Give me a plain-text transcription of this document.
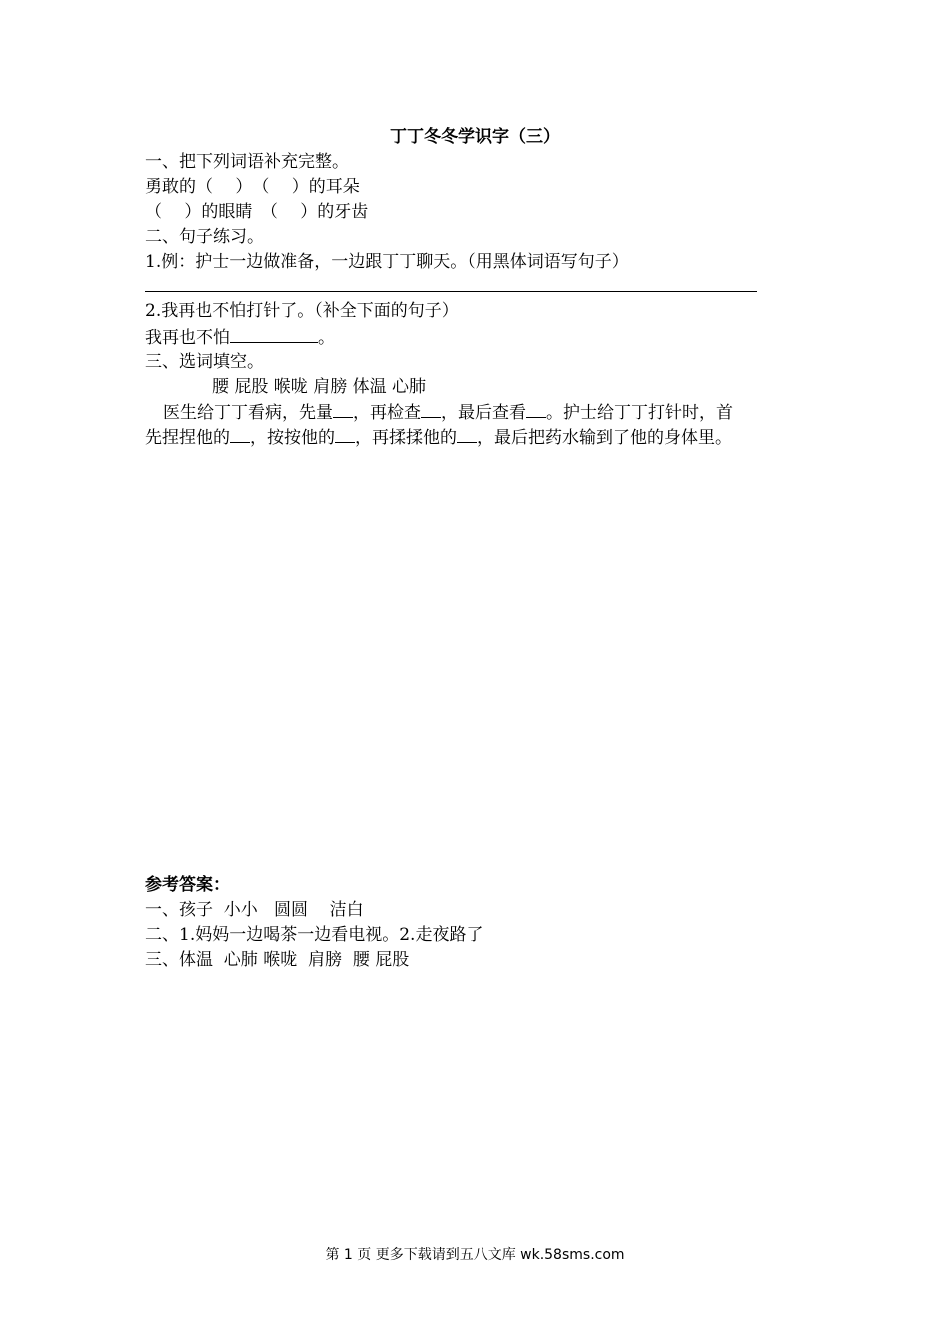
丁丁冬冬学识字（三）
一、把下列词语补充完整。
勇敢的（　 ）　（　 ）的耳朵
（　 ）的眼睛　（　 ）的牙齿
二、句子练习。
1.例：护士一边做准备，一边跟丁丁聊天。（用黑体词语写句子）
2.我再也不怕打针了。（补全下面的句子）
我再也不怕	。
三、选词填空。
腰 屁股 喉咙 肩膀 体温 心肺
医生给丁丁看病，先量 ，再检查 ，最后查看 。护士给丁丁打针时，首
先捏捏他的 ，按按他的 ，再揉揉他的 ，最后把药水输到了他的身体里。
参考答案：
一、孩子  小小   圆圆    洁白
二、1.妈妈一边喝茶一边看电视。2.走夜路了
三、体温  心肺 喉咙  肩膀  腰 屁股
第 1 页 更多下载请到五八文库 wk.58sms.com
